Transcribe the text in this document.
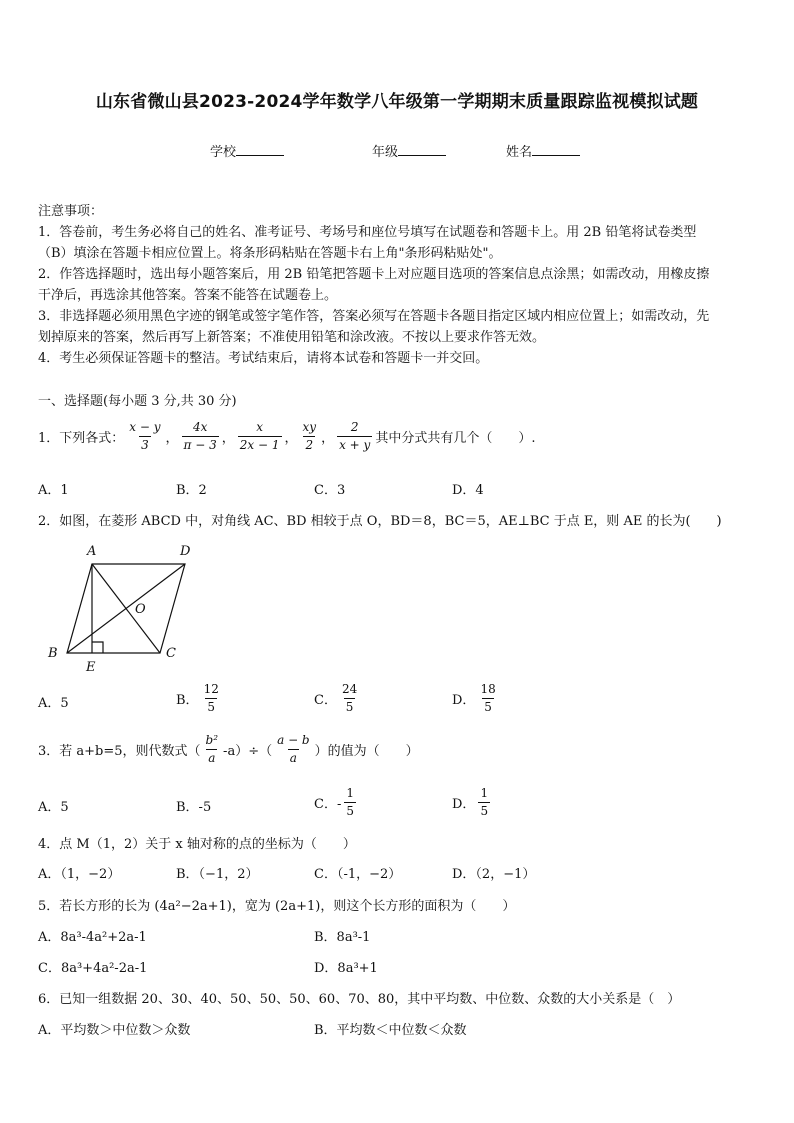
山东省微山县2023-2024学年数学八年级第一学期期末质量跟踪监视模拟试题
学校	年级	姓名
注意事项：
1．答卷前，考生务必将自己的姓名、准考证号、考场号和座位号填写在试题卷和答题卡上。用 2B 铅笔将试卷类型
（B）填涂在答题卡相应位置上。将条形码粘贴在答题卡右上角"条形码粘贴处"。
2．作答选择题时，选出每小题答案后，用 2B 铅笔把答题卡上对应题目选项的答案信息点涂黑；如需改动，用橡皮擦
干净后，再选涂其他答案。答案不能答在试题卷上。
3．非选择题必须用黑色字迹的钢笔或签字笔作答，答案必须写在答题卡各题目指定区域内相应位置上；如需改动，先
划掉原来的答案，然后再写上新答案；不准使用铅笔和涂改液。不按以上要求作答无效。
4．考生必须保证答题卡的整洁。考试结束后，请将本试卷和答题卡一并交回。
一、选择题(每小题 3 分,共 30 分)
1．下列各式： $\frac{x - y}{3}$ ， $\frac{4x}{\pi - 3}$ ， $\frac{x}{2x - 1}$ ， $\frac{xy}{2}$ ， $\frac{2}{x + y}$ 其中分式共有几个（　　）.
A．1	B．2	C．3	D．4
2．如图，在菱形 ABCD 中，对角线 AC、BD 相较于点 O，BD＝8，BC＝5，AE⊥BC 于点 E，则 AE 的长为(　　)
A	D
O
B	C
E
A．5	B． $\frac{12}{5}$	C． $\frac{24}{5}$	D． $\frac{18}{5}$
3．若 a+b=5，则代数式（ $\frac{\text{b²}}{a} -a)\div( \frac{a - b}{a}$ ）的值为（　　）
A．5	B．-5	C．- $\frac{1}{5}$	D． $\frac{1}{5}$
4．点 M（1，2）关于 x 轴对称的点的坐标为（　　）
A．（1，−2）	B．（−1，2）	C．（-1，−2）	D．（2，−1）
5．若长方形的长为 (4a²−2a+1)，宽为 (2a+1)，则这个长方形的面积为（　　）
A．8a³-4a²+2a-1	B．8a³-1
C．8a³+4a²-2a-1	D．8a³+1
6．已知一组数据 20、30、40、50、50、50、60、70、80，其中平均数、中位数、众数的大小关系是（　）
A．平均数＞中位数＞众数	B．平均数＜中位数＜众数
